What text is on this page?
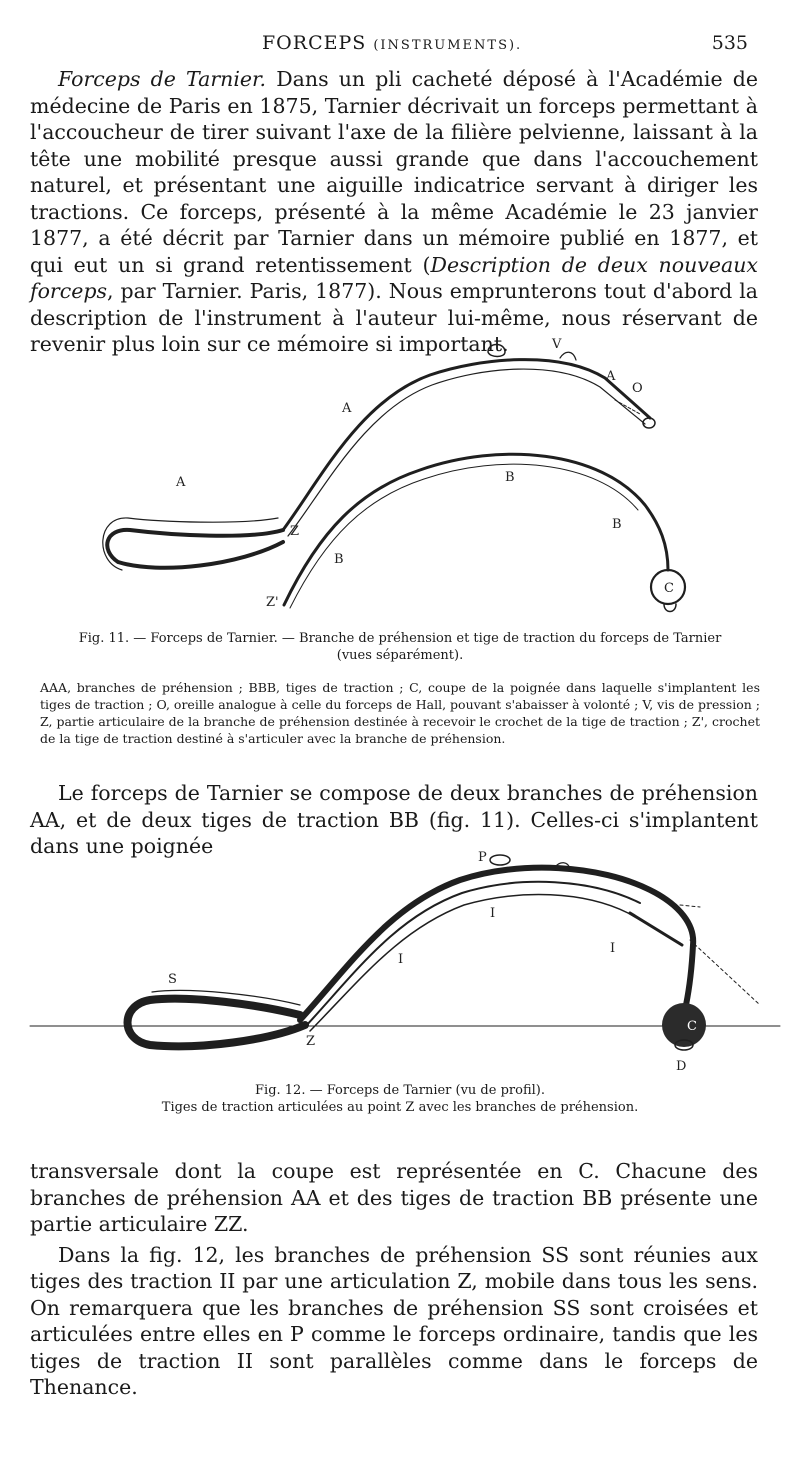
FORCEPS (INSTRUMENTS).	535

Forceps de Tarnier. Dans un pli cacheté déposé à l'Académie de médecine de Paris en 1875, Tarnier décrivait un forceps permettant à l'accoucheur de tirer suivant l'axe de la filière pelvienne, laissant à la tête une mobilité presque aussi grande que dans l'accouchement naturel, et présentant une aiguille indicatrice servant à diriger les tractions. Ce forceps, présenté à la même Académie le 23 janvier 1877, a été décrit par Tarnier dans un mémoire publié en 1877, et qui eut un si grand retentissement (Description de deux nouveaux forceps, par Tarnier. Paris, 1877). Nous emprunterons tout d'abord la description de l'instrument à l'auteur lui-même, nous réservant de revenir plus loin sur ce mémoire si important.	V
A
O
A
A	B
B
B
Z
Z'
C
Fig. 11. — Forceps de Tarnier. — Branche de préhension et tige de traction du forceps de Tarnier
(vues séparément).

AAA, branches de préhension ; BBB, tiges de traction ; C, coupe de la poignée dans laquelle s'implantent les tiges de traction ; O, oreille analogue à celle du forceps de Hall, pouvant s'abaisser à volonté ; V, vis de pression ; Z, partie articulaire de la branche de préhension destinée à recevoir le crochet de la tige de traction ; Z', crochet de la tige de traction destiné à s'articuler avec la branche de préhension.

Le forceps de Tarnier se compose de deux branches de préhension AA, et de deux tiges de traction BB (fig. 11). Celles-ci s'implantent dans une poignée	P
S
I
I
I
Z
C
D
Fig. 12. — Forceps de Tarnier (vu de profil).
Tiges de traction articulées au point Z avec les branches de préhension.

transversale dont la coupe est représentée en C. Chacune des branches de préhension AA et des tiges de traction BB présente une partie articulaire ZZ.

Dans la fig. 12, les branches de préhension SS sont réunies aux tiges des traction II par une articulation Z, mobile dans tous les sens. On remarquera que les branches de préhension SS sont croisées et articulées entre elles en P comme le forceps ordinaire, tandis que les tiges de traction II sont parallèles comme dans le forceps de Thenance.
